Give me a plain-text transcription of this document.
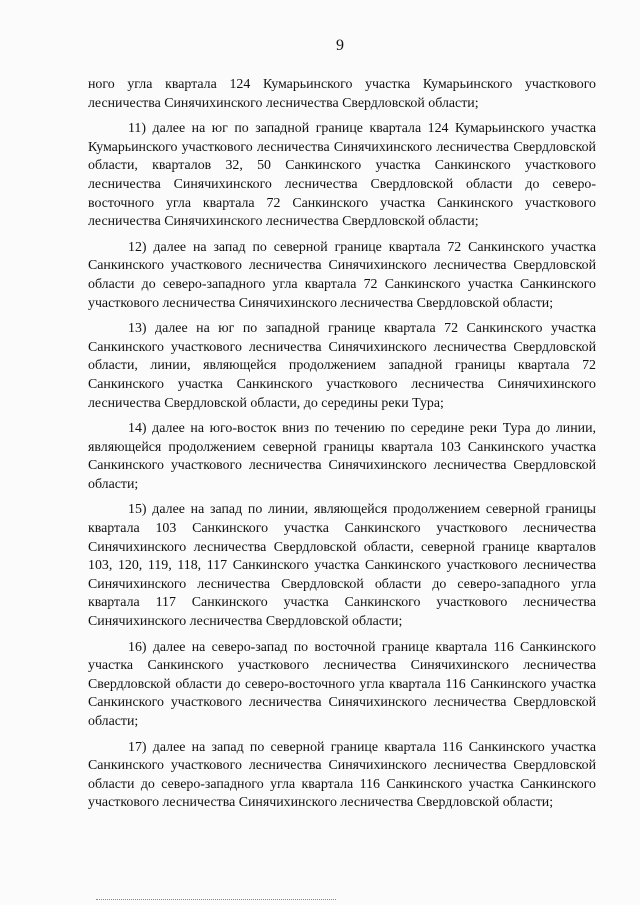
9

ного угла квартала 124 Кумарьинского участка Кумарьинского участкового лесничества Синячихинского лесничества Свердловской области;

11) далее на юг по западной границе квартала 124 Кумарьинского участка Кумарьинского участкового лесничества Синячихинского лесничества Свердловской области, кварталов 32, 50 Санкинского участка Санкинского участкового лесничества Синячихинского лесничества Свердловской области до северо-восточного угла квартала 72 Санкинского участка Санкинского участкового лесничества Синячихинского лесничества Свердловской области;

12) далее на запад по северной границе квартала 72 Санкинского участка Санкинского участкового лесничества Синячихинского лесничества Свердловской области до северо-западного угла квартала 72 Санкинского участка Санкинского участкового лесничества Синячихинского лесничества Свердловской области;

13) далее на юг по западной границе квартала 72 Санкинского участка Санкинского участкового лесничества Синячихинского лесничества Свердловской области, линии, являющейся продолжением западной границы квартала 72 Санкинского участка Санкинского участкового лесничества Синячихинского лесничества Свердловской области, до середины реки Тура;

14) далее на юго-восток вниз по течению по середине реки Тура до линии, являющейся продолжением северной границы квартала 103 Санкинского участка Санкинского участкового лесничества Синячихинского лесничества Свердловской области;

15) далее на запад по линии, являющейся продолжением северной границы квартала 103 Санкинского участка Санкинского участкового лесничества Синячихинского лесничества Свердловской области, северной границе кварталов 103, 120, 119, 118, 117 Санкинского участка Санкинского участкового лесничества Синячихинского лесничества Свердловской области до северо-западного угла квартала 117 Санкинского участка Санкинского участкового лесничества Синячихинского лесничества Свердловской области;

16) далее на северо-запад по восточной границе квартала 116 Санкинского участка Санкинского участкового лесничества Синячихинского лесничества Свердловской области до северо-восточного угла квартала 116 Санкинского участка Санкинского участкового лесничества Синячихинского лесничества Свердловской области;

17) далее на запад по северной границе квартала 116 Санкинского участка Санкинского участкового лесничества Синячихинского лесничества Свердловской области до северо-западного угла квартала 116 Санкинского участка Санкинского участкового лесничества Синячихинского лесничества Свердловской области;
